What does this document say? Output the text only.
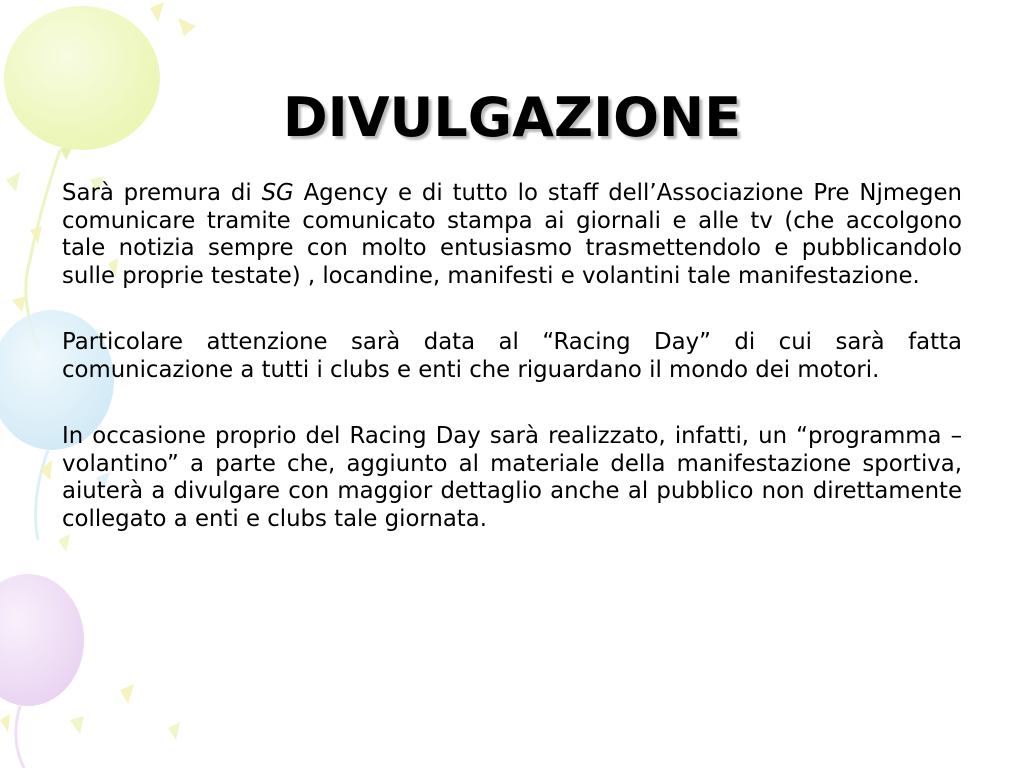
DIVULGAZIONE

Sarà premura di SG Agency e di tutto lo staff dell’Associazione Pre Njmegen comunicare tramite comunicato stampa ai giornali e alle tv (che accolgono tale notizia sempre con molto entusiasmo trasmettendolo e pubblicandolo sulle proprie testate) , locandine, manifesti e volantini tale manifestazione.

Particolare attenzione sarà data al “Racing Day” di cui sarà fatta comunicazione a tutti i clubs e enti che riguardano il mondo dei motori.

In occasione proprio del Racing Day sarà realizzato, infatti, un “programma – volantino” a parte che, aggiunto al materiale della manifestazione sportiva, aiuterà a divulgare con maggior dettaglio anche al pubblico non direttamente collegato a enti e clubs tale giornata.
